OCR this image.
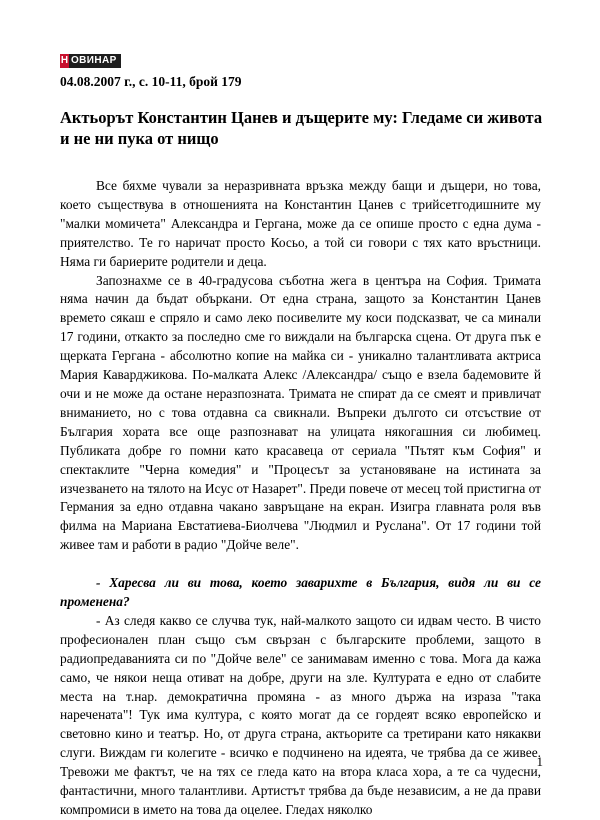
Н ОВИНАР
04.08.2007 г., с. 10-11, брой 179
Актьорът Константин Цанев и дъщерите му: Гледаме си живота и не ни пука от нищо

Все бяхме чували за неразривната връзка между бащи и дъщери, но това, което съществува в отношенията на Константин Цанев с трийсетгодишните му "малки момичета" Александра и Гергана, може да се опише просто с една дума - приятелство. Те го наричат просто Косьо, а той си говори с тях като връстници. Няма ги бариерите родители и деца.

Запознахме се в 40-градусова съботна жега в центъра на София. Тримата няма начин да бъдат объркани. От една страна, защото за Константин Цанев времето сякаш е спряло и само леко посивелите му коси подсказват, че са минали 17 години, откакто за последно сме го виждали на българска сцена. От друга пък е щерката Гергана - абсолютно копие на майка си - уникално талантливата актриса Мария Каварджикова. По-малката Алекс /Александра/ също е взела бадемовите й очи и не може да остане неразпозната. Тримата не спират да се смеят и привличат вниманието, но с това отдавна са свикнали. Въпреки дългото си отсъствие от България хората все още разпознават на улицата някогашния си любимец. Публиката добре го помни като красавеца от сериала "Пътят към София" и спектаклите "Черна комедия" и "Процесът за установяване на истината за изчезването на тялото на Исус от Назарет". Преди повече от месец той пристигна от Германия за едно отдавна чакано завръщане на екран. Изигра главната роля във филма на Мариана Евстатиева-Биолчева "Людмил и Руслана". От 17 години той живее там и работи в радио "Дойче веле".

- Харесва ли ви това, което заварихте в България, видя ли ви се променена?

- Аз следя какво се случва тук, най-малкото защото си идвам често. В чисто професионален план също съм свързан с българските проблеми, защото в радиопредаванията си по "Дойче веле" се занимавам именно с това. Мога да кажа само, че някои неща отиват на добре, други на зле. Културата е едно от слабите места на т.нар. демократична промяна - аз много държа на израза "така наречената"! Тук има култура, с която могат да се гордеят всяко европейско и световно кино и театър. Но, от друга страна, актьорите са третирани като някакви слуги. Виждам ги колегите - всичко е подчинено на идеята, че трябва да се живее. Тревожи ме фактът, че на тях се гледа като на втора класа хора, а те са чудесни, фантастични, много талантливи. Артистът трябва да бъде независим, а не да прави компромиси в името на това да оцелее. Гледах няколко

1
